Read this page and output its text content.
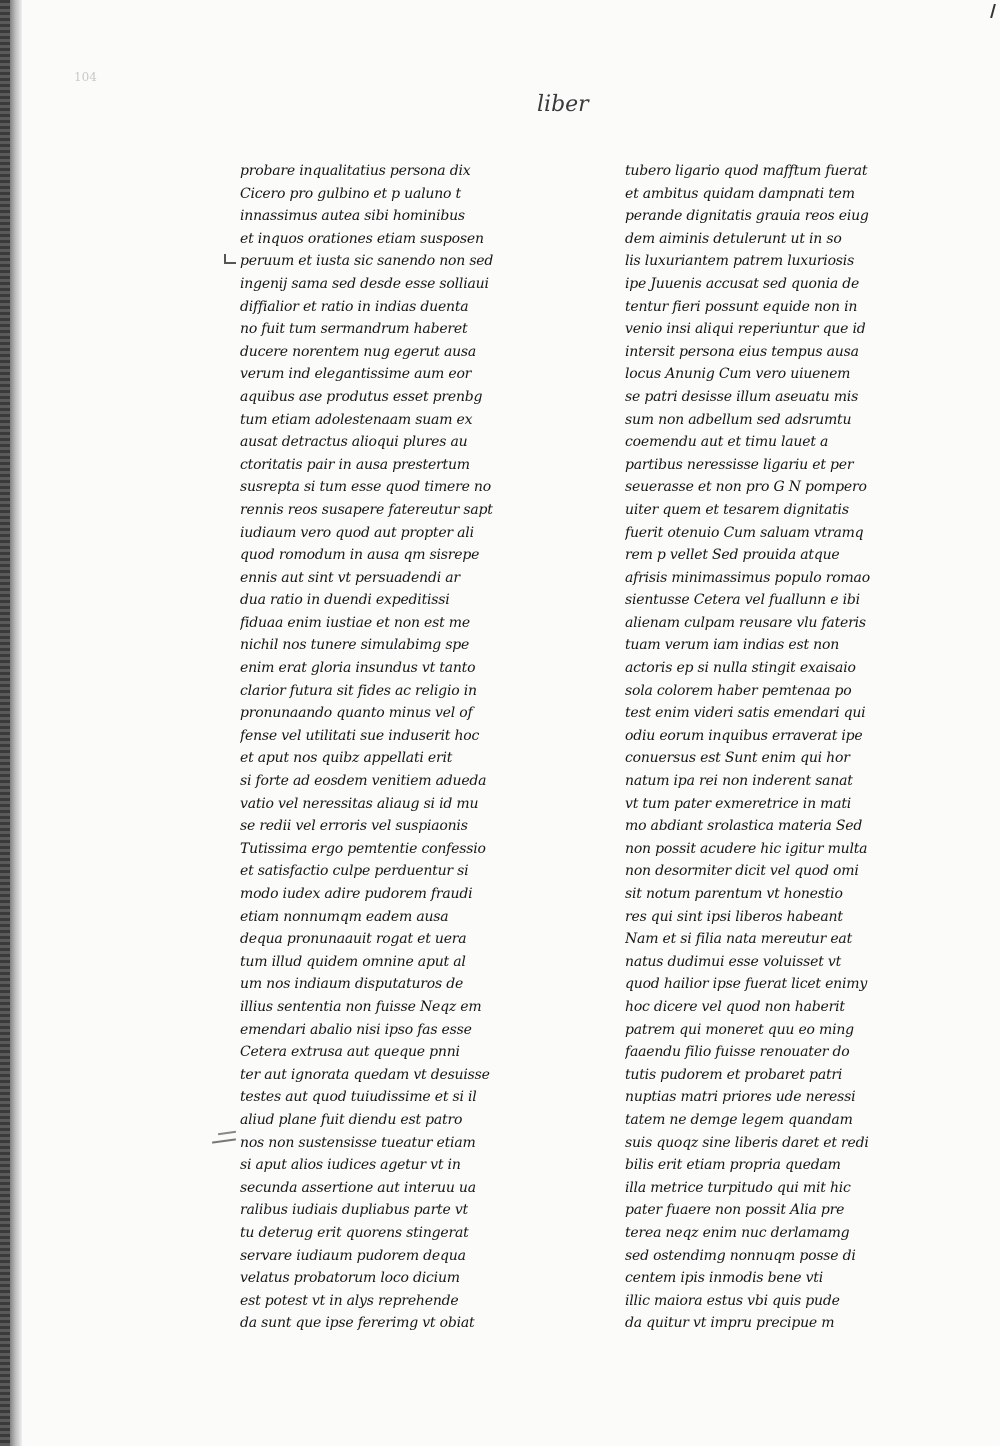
104
liber
probare inqualitatius persona dix
Cicero pro gulbino et p ualuno t
innassimus autea sibi hominibus
et inquos orationes etiam susposen
peruum et iusta sic sanendo non sed
ingenij sama sed desde esse solliaui
diffialior et ratio in indias duenta
no fuit tum sermandrum haberet
ducere norentem nug egerut ausa
verum ind elegantissime aum eor
aquibus ase produtus esset prenbg
tum etiam adolestenaam suam ex
ausat detractus alioqui plures au
ctoritatis pair in ausa prestertum
susrepta si tum esse quod timere no
rennis reos susapere fatereutur sapt
iudiaum vero quod aut propter ali
quod romodum in ausa qm sisrepe
ennis aut sint vt persuadendi ar
dua ratio in duendi expeditissi
fiduaa enim iustiae et non est me
nichil nos tunere simulabimg spe
enim erat gloria insundus vt tanto
clarior futura sit fides ac religio in
pronunaando quanto minus vel of
fense vel utilitati sue induserit hoc
et aput nos quibz appellati erit
si forte ad eosdem venitiem adueda
vatio vel neressitas aliaug si id mu
se redii vel erroris vel suspiaonis
Tutissima ergo pemtentie confessio
et satisfactio culpe perduentur si
modo iudex adire pudorem fraudi
etiam nonnumqm eadem ausa
dequa pronunaauit rogat et uera
tum illud quidem omnine aput al
um nos indiaum disputaturos de
illius sententia non fuisse Neqz em
emendari abalio nisi ipso fas esse
Cetera extrusa aut queque pnni
ter aut ignorata quedam vt desuisse
testes aut quod tuiudissime et si il
aliud plane fuit diendu est patro
nos non sustensisse tueatur etiam
si aput alios iudices agetur vt in
secunda assertione aut interuu ua
ralibus iudiais dupliabus parte vt
tu deterug erit quorens stingerat
servare iudiaum pudorem dequa
velatus probatorum loco dicium
est potest vt in alys reprehende
da sunt que ipse fererimg vt obiat
tubero ligario quod mafftum fuerat
et ambitus quidam dampnati tem
perande dignitatis grauia reos eiug
dem aiminis detulerunt ut in so
lis luxuriantem patrem luxuriosis
ipe Juuenis accusat sed quonia de
tentur fieri possunt equide non in
venio insi aliqui reperiuntur que id
intersit persona eius tempus ausa
locus Anunig Cum vero uiuenem
se patri desisse illum aseuatu mis
sum non adbellum sed adsrumtu
coemendu aut et timu lauet a
partibus neressisse ligariu et per
seuerasse et non pro G N pompero
uiter quem et tesarem dignitatis
fuerit otenuio Cum saluam vtramq
rem p vellet Sed prouida atque
afrisis minimassimus populo romao
sientusse Cetera vel fuallunn e ibi
alienam culpam reusare vlu fateris
tuam verum iam indias est non
actoris ep si nulla stingit exaisaio
sola colorem haber pemtenaa po
test enim videri satis emendari qui
odiu eorum inquibus erraverat ipe
conuersus est Sunt enim qui hor
natum ipa rei non inderent sanat
vt tum pater exmeretrice in mati
mo abdiant srolastica materia Sed
non possit acudere hic igitur multa
non desormiter dicit vel quod omi
sit notum parentum vt honestio
res qui sint ipsi liberos habeant
Nam et si filia nata mereutur eat
natus dudimui esse voluisset vt
quod hailior ipse fuerat licet enimy
hoc dicere vel quod non haberit
patrem qui moneret quu eo ming
faaendu filio fuisse renouater do
tutis pudorem et probaret patri
nuptias matri priores ude neressi
tatem ne demge legem quandam
suis quoqz sine liberis daret et redi
bilis erit etiam propria quedam
illa metrice turpitudo qui mit hic
pater fuaere non possit Alia pre
terea neqz enim nuc derlamamg
sed ostendimg nonnuqm posse di
centem ipis inmodis bene vti
illic maiora estus vbi quis pude
da quitur vt impru precipue m
